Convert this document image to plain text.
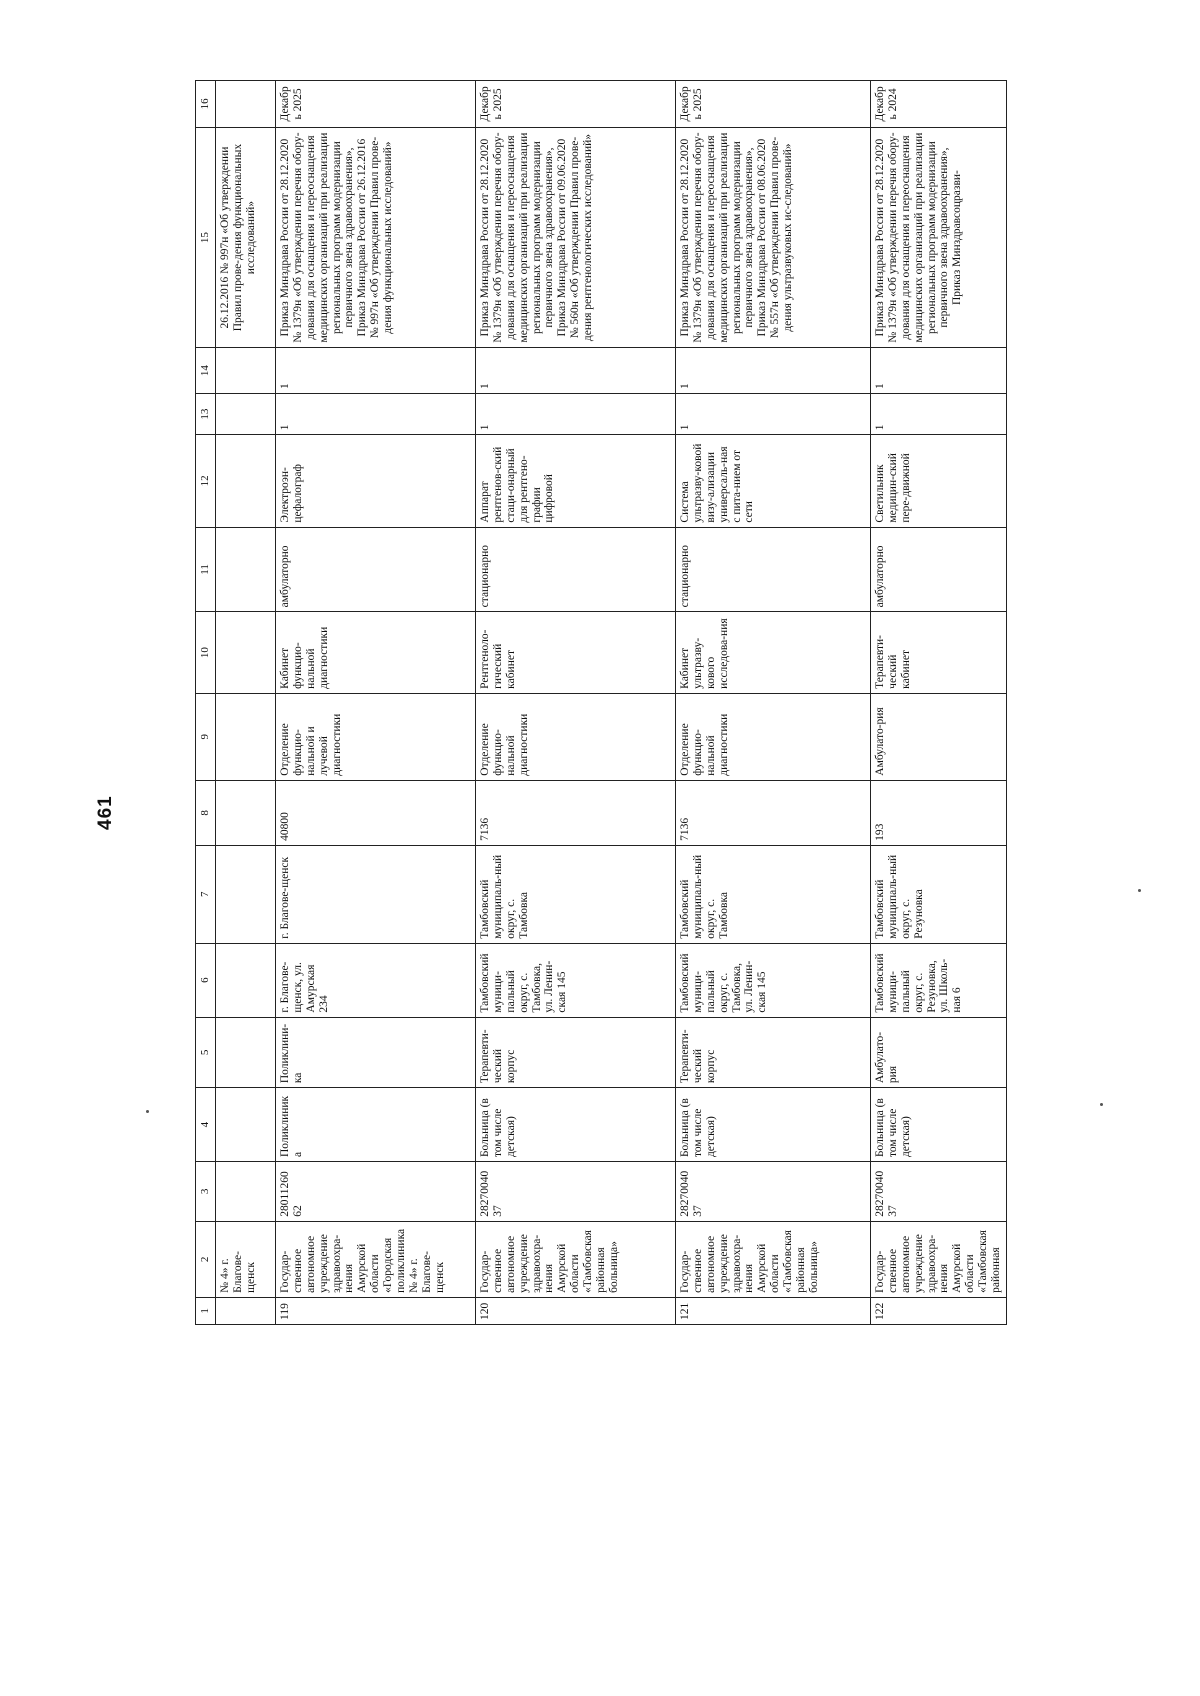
461
1	2	3	4	5	6	7	8	9	10	11	12	13	14	15	16
	№ 4» г. Благове-щенск													26.12.2016 № 997н «Об утверждении Правил прове-дения функциональных исследований»	
119	Государ-ственное автономное учреждение здравоохра-нения Амурской области «Городская поликлиника № 4» г. Благове-щенск	2801126062	Поликлиника	Поликлини-ка	г. Благове-щенск, ул. Амурская 234	г. Благове-щенск	40800	Отделение функцио-нальной и лучевой диагностики	Кабинет функцио-нальной диагностики	амбулаторно	Электроэн-цефалограф	1	1	Приказ Минздрава России от 28.12.2020 № 1379н «Об утверждении перечня обору-дования для оснащения и переоснащения медицинских организаций при реализации региональных программ модернизации первичного звена здравоохранения», Приказ Минздрава России от 26.12.2016 № 997н «Об утверждении Правил прове-дения функциональных исследований»	Декабрь 2025
120	Государ-ственное автономное учреждение здравоохра-нения Амурской области «Тамбовская районная больница»	2827004037	Больница (в том числе детская)	Терапевти-ческий корпус	Тамбовский муници-пальный округ, с. Тамбовка, ул. Ленин-ская 145	Тамбовский муниципаль-ный округ, с. Тамбовка	7136	Отделение функцио-нальной диагностики	Рентгеноло-гический кабинет	стационарно	Аппарат рентгенов-ский стаци-онарный для рентгено-графии цифровой	1	1	Приказ Минздрава России от 28.12.2020 № 1379н «Об утверждении перечня обору-дования для оснащения и переоснащения медицинских организаций при реализации региональных программ модернизации первичного звена здравоохранения», Приказ Минздрава России от 09.06.2020 № 560н «Об утверждении Правил прове-дения рентгенологических исследований»	Декабрь 2025
121	Государ-ственное автономное учреждение здравоохра-нения Амурской области «Тамбовская районная больница»	2827004037	Больница (в том числе детская)	Терапевти-ческий корпус	Тамбовский муници-пальный округ, с. Тамбовка, ул. Ленин-ская 145	Тамбовский муниципаль-ный округ, с. Тамбовка	7136	Отделение функцио-нальной диагностики	Кабинет ультразву-кового исследова-ния	стационарно	Система ультразву-ковой визу-ализации универсаль-ная с пита-нием от сети	1	1	Приказ Минздрава России от 28.12.2020 № 1379н «Об утверждении перечня обору-дования для оснащения и переоснащения медицинских организаций при реализации региональных программ модернизации первичного звена здравоохранения», Приказ Минздрава России от 08.06.2020 № 557н «Об утверждении Правил прове-дения ультразвуковых ис-следований»	Декабрь 2025
122	Государ-ственное автономное учреждение здравоохра-нения Амурской области «Тамбовская районная	2827004037	Больница (в том числе детская)	Амбулато-рия	Тамбовский муници-пальный округ, с. Резуновка, ул. Школь-ная 6	Тамбовский муниципаль-ный округ, с. Резуновка	193	Амбулато-рия	Терапевти-ческий кабинет	амбулаторно	Светильник медицин-ский пере-движной	1	1	Приказ Минздрава России от 28.12.2020 № 1379н «Об утверждении перечня обору-дования для оснащения и переоснащения медицинских организаций при реализации региональных программ модернизации первичного звена здравоохранения», Приказ Минздравсоцразви-	Декабрь 2024
